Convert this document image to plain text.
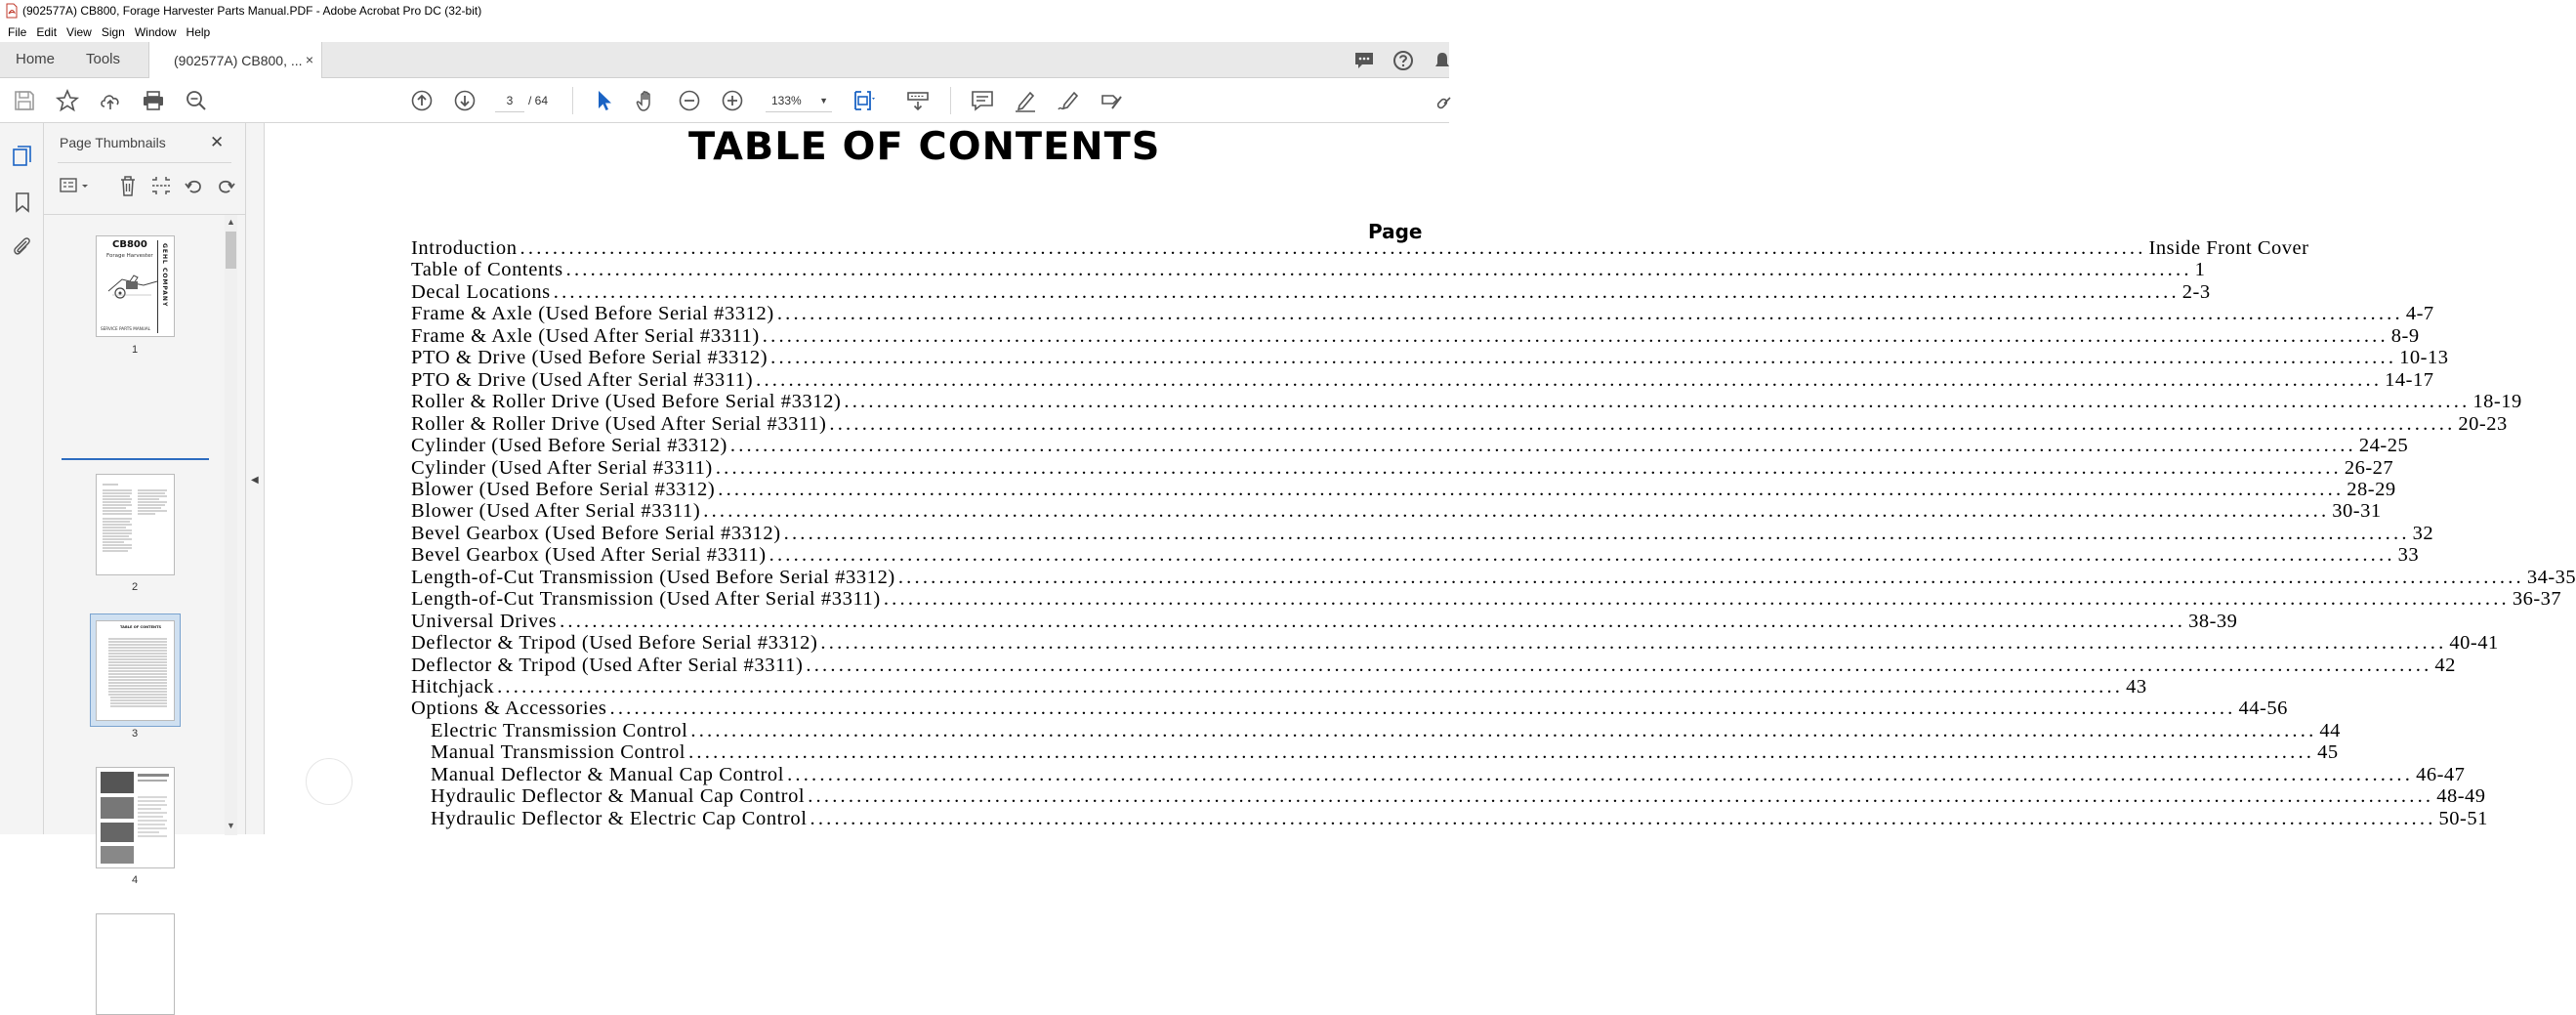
(902577A) CB800, Forage Harvester Parts Manual.PDF - Adobe Acrobat Pro DC (32-bit)
File Edit View Sign Window Help
Home Tools	(902577A) CB800, ... ×
3	/ 64	133% ▼
Page Thumbnails	✕
▲
▼
CB800
Forage Harvester
SERVICE PARTS MANUAL
GEHL COMPANY
1
2
TABLE OF CONTENTS
3
4
◀
TABLE OF CONTENTS
Page
Introduction ........................................................................................................................................................................................................ Inside Front Cover
Table of Contents ........................................................................................................................................................................................................ 1
Decal Locations ........................................................................................................................................................................................................ 2-3
Frame & Axle (Used Before Serial #3312) ........................................................................................................................................................................................................ 4-7
Frame & Axle (Used After Serial #3311) ........................................................................................................................................................................................................ 8-9
PTO & Drive (Used Before Serial #3312) ........................................................................................................................................................................................................ 10-13
PTO & Drive (Used After Serial #3311) ........................................................................................................................................................................................................ 14-17
Roller & Roller Drive (Used Before Serial #3312) ........................................................................................................................................................................................................ 18-19
Roller & Roller Drive (Used After Serial #3311) ........................................................................................................................................................................................................ 20-23
Cylinder (Used Before Serial #3312) ........................................................................................................................................................................................................ 24-25
Cylinder (Used After Serial #3311) ........................................................................................................................................................................................................ 26-27
Blower (Used Before Serial #3312) ........................................................................................................................................................................................................ 28-29
Blower (Used After Serial #3311) ........................................................................................................................................................................................................ 30-31
Bevel Gearbox (Used Before Serial #3312) ........................................................................................................................................................................................................ 32
Bevel Gearbox (Used After Serial #3311) ........................................................................................................................................................................................................ 33
Length-of-Cut Transmission (Used Before Serial #3312) ........................................................................................................................................................................................................ 34-35
Length-of-Cut Transmission (Used After Serial #3311) ........................................................................................................................................................................................................ 36-37
Universal Drives ........................................................................................................................................................................................................ 38-39
Deflector & Tripod (Used Before Serial #3312) ........................................................................................................................................................................................................ 40-41
Deflector & Tripod (Used After Serial #3311) ........................................................................................................................................................................................................ 42
Hitchjack ........................................................................................................................................................................................................ 43
Options & Accessories ........................................................................................................................................................................................................ 44-56
Electric Transmission Control ........................................................................................................................................................................................................ 44
Manual Transmission Control ........................................................................................................................................................................................................ 45
Manual Deflector & Manual Cap Control ........................................................................................................................................................................................................ 46-47
Hydraulic Deflector & Manual Cap Control ........................................................................................................................................................................................................ 48-49
Hydraulic Deflector & Electric Cap Control ........................................................................................................................................................................................................ 50-51
